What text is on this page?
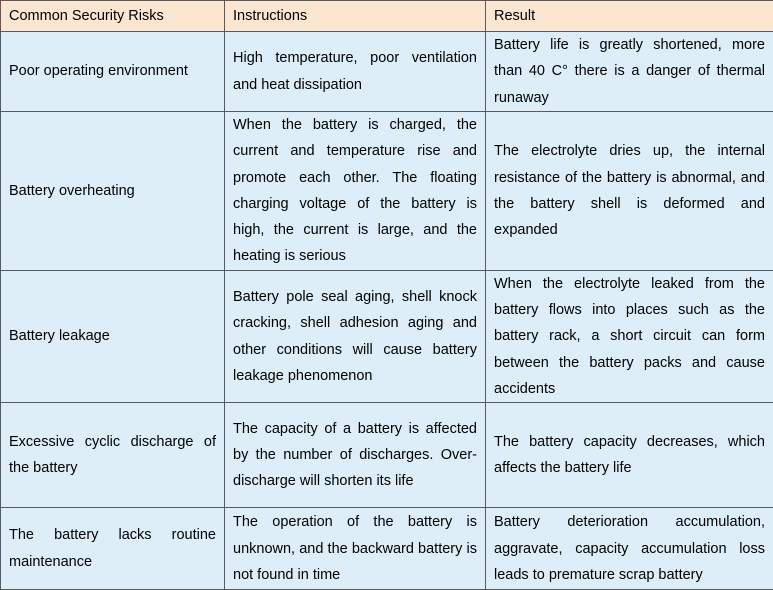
Common Security Risks	Instructions	Result
Poor operating environment	High temperature, poor ventilation and heat dissipation	Battery life is greatly shortened, more than 40 C° there is a danger of thermal runaway
Battery overheating	When the battery is charged, the current and temperature rise and promote each other. The floating charging voltage of the battery is high, the current is large, and the heating is serious	The electrolyte dries up, the internal resistance of the battery is abnormal, and the battery shell is deformed and expanded
Battery leakage	Battery pole seal aging, shell knock cracking, shell adhesion aging and other conditions will cause battery leakage phenomenon	When the electrolyte leaked from the battery flows into places such as the battery rack, a short circuit can form between the battery packs and cause accidents
Excessive cyclic discharge of the battery	The capacity of a battery is affected by the number of discharges. Over-discharge will shorten its life	The battery capacity decreases, which affects the battery life
The battery lacks routine maintenance	The operation of the battery is unknown, and the backward battery is not found in time	Battery deterioration accumulation, aggravate, capacity accumulation loss leads to premature scrap battery
